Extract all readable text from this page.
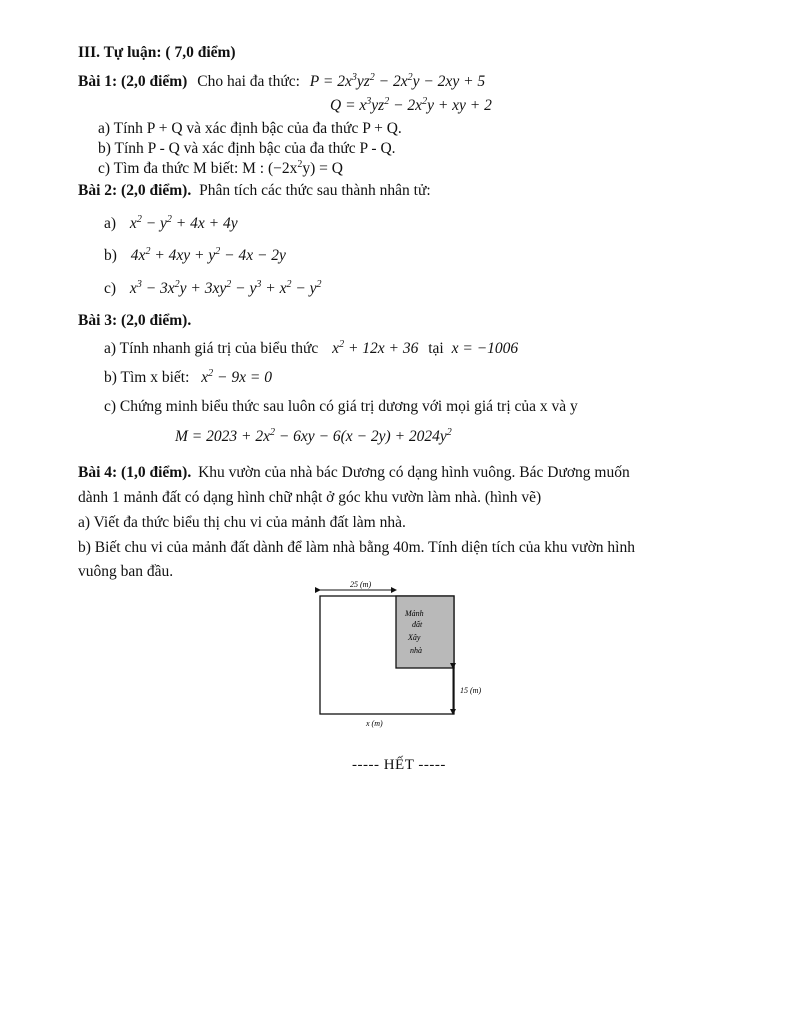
III. Tự luận: ( 7,0 điểm)
Bài 1: (2,0 điểm) Cho hai đa thức: $P = 2x^3yz^2 - 2x^2y - 2xy + 5$
$Q = x^3yz^2 - 2x^2y$ + xy + 2
a) Tính P + Q và xác định bậc của đa thức P + Q.
b) Tính P - Q và xác định bậc của đa thức P - Q.
c) Tìm đa thức M biết: M : $(-2x^2y) = Q$
Bài 2: (2,0 điểm). Phân tích các thức sau thành nhân tử:
a) $x^2 - y^2 + 4x + 4y$
b) $4x^2 + 4xy + y^2 - 4x - 2y$
c) $x^3 - 3x^2y + 3xy^2 - y^3 + x^2 - y^2$
Bài 3: (2,0 điểm).
a) Tính nhanh giá trị của biểu thức $x^2 + 12x + 36$ tại x = −1006
b) Tìm x biết: $x^2 - 9x = 0$
c) Chứng minh biểu thức sau luôn có giá trị dương với mọi giá trị của x và y
$M = 2023 + 2x^2 - 6xy - 6(x - 2y) + 2024y^2$
Bài 4: (1,0 điểm). Khu vườn của nhà bác Dương có dạng hình vuông. Bác Dương muốn
dành 1 mảnh đất có dạng hình chữ nhật ở góc khu vườn làm nhà. (hình vẽ)
a) Viết đa thức biểu thị chu vi của mảnh đất làm nhà.
b) Biết chu vi của mảnh đất dành để làm nhà bằng 40m. Tính diện tích của khu vườn hình
vuông ban đầu.
25 (m)
15 (m)
x (m)
Mảnh
đất
Xây
nhà
----- HẾT -----
